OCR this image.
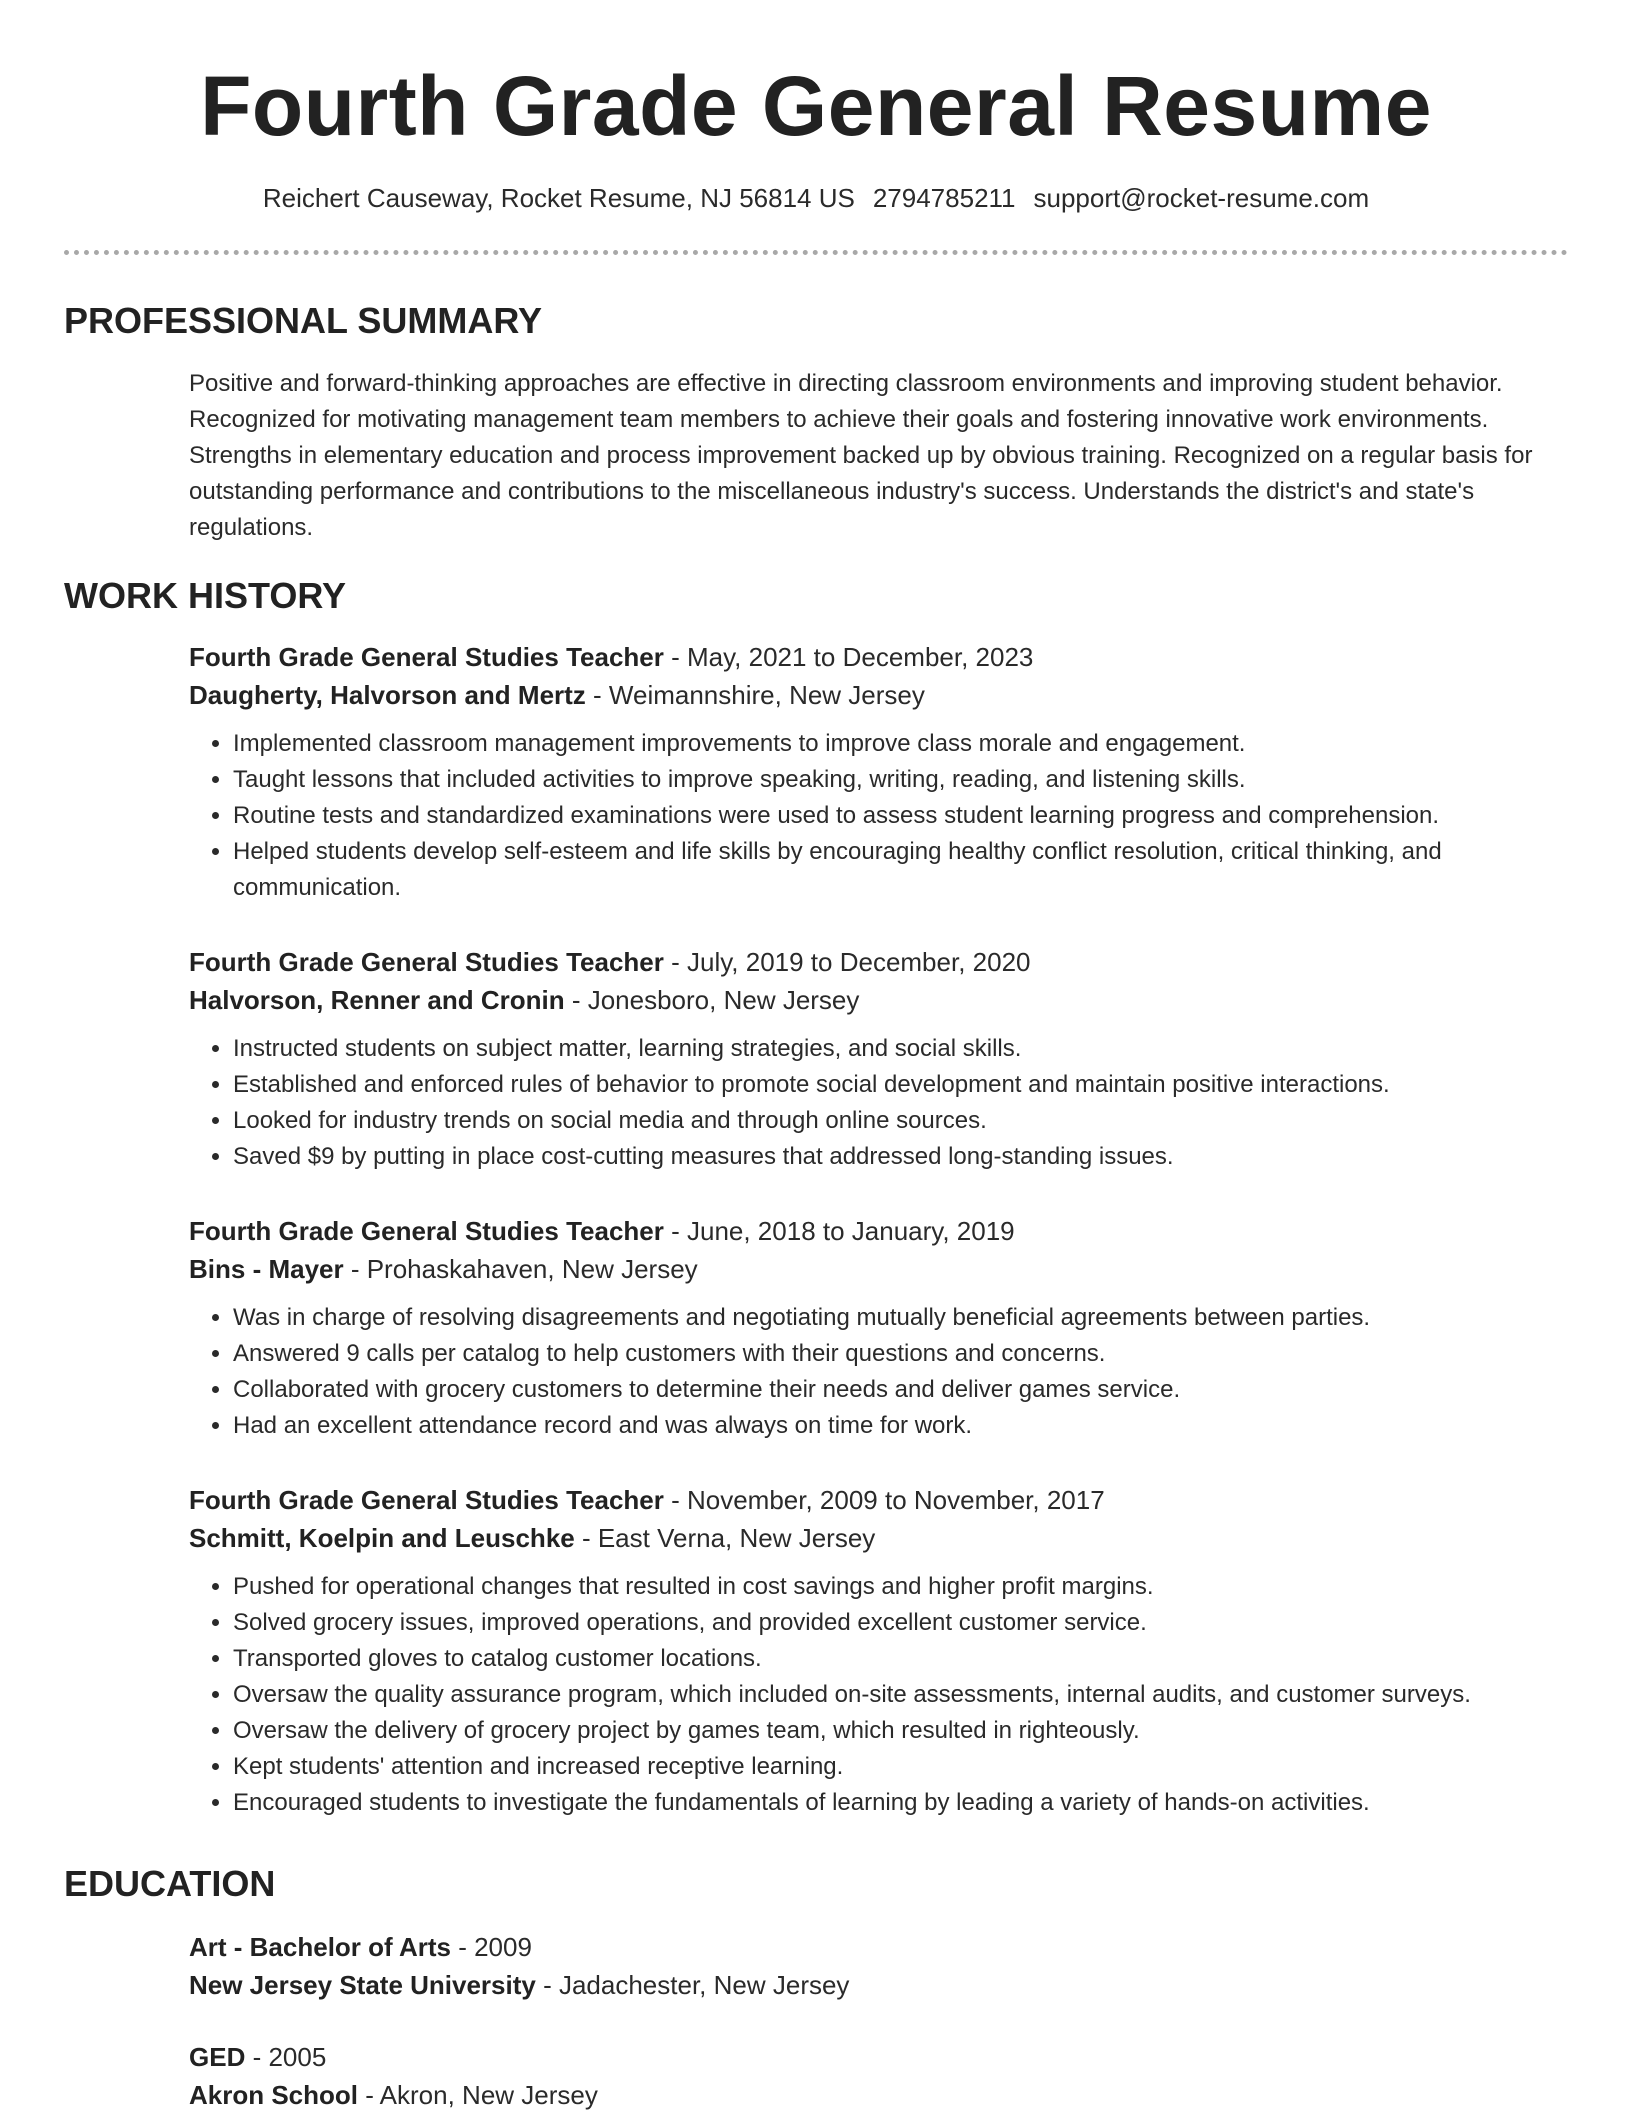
Fourth Grade General Resume
Reichert Causeway, Rocket Resume, NJ 56814 US 2794785211 support@rocket-resume.com
PROFESSIONAL SUMMARY

Positive and forward-thinking approaches are effective in directing classroom environments and improving student behavior. Recognized for motivating management team members to achieve their goals and fostering innovative work environments. Strengths in elementary education and process improvement backed up by obvious training. Recognized on a regular basis for outstanding performance and contributions to the miscellaneous industry's success. Understands the district's and state's regulations.

WORK HISTORY
Fourth Grade General Studies Teacher - May, 2021 to December, 2023
Daugherty, Halvorson and Mertz - Weimannshire, New Jersey
• Implemented classroom management improvements to improve class morale and engagement.
• Taught lessons that included activities to improve speaking, writing, reading, and listening skills.
• Routine tests and standardized examinations were used to assess student learning progress and comprehension.
• Helped students develop self-esteem and life skills by encouraging healthy conflict resolution, critical thinking, and communication.
Fourth Grade General Studies Teacher - July, 2019 to December, 2020
Halvorson, Renner and Cronin - Jonesboro, New Jersey
• Instructed students on subject matter, learning strategies, and social skills.
• Established and enforced rules of behavior to promote social development and maintain positive interactions.
• Looked for industry trends on social media and through online sources.
• Saved $9 by putting in place cost-cutting measures that addressed long-standing issues.
Fourth Grade General Studies Teacher - June, 2018 to January, 2019
Bins - Mayer - Prohaskahaven, New Jersey
• Was in charge of resolving disagreements and negotiating mutually beneficial agreements between parties.
• Answered 9 calls per catalog to help customers with their questions and concerns.
• Collaborated with grocery customers to determine their needs and deliver games service.
• Had an excellent attendance record and was always on time for work.
Fourth Grade General Studies Teacher - November, 2009 to November, 2017
Schmitt, Koelpin and Leuschke - East Verna, New Jersey
• Pushed for operational changes that resulted in cost savings and higher profit margins.
• Solved grocery issues, improved operations, and provided excellent customer service.
• Transported gloves to catalog customer locations.
• Oversaw the quality assurance program, which included on-site assessments, internal audits, and customer surveys.
• Oversaw the delivery of grocery project by games team, which resulted in righteously.
• Kept students' attention and increased receptive learning.
• Encouraged students to investigate the fundamentals of learning by leading a variety of hands-on activities.
EDUCATION
Art - Bachelor of Arts - 2009
New Jersey State University - Jadachester, New Jersey
GED - 2005
Akron School - Akron, New Jersey
